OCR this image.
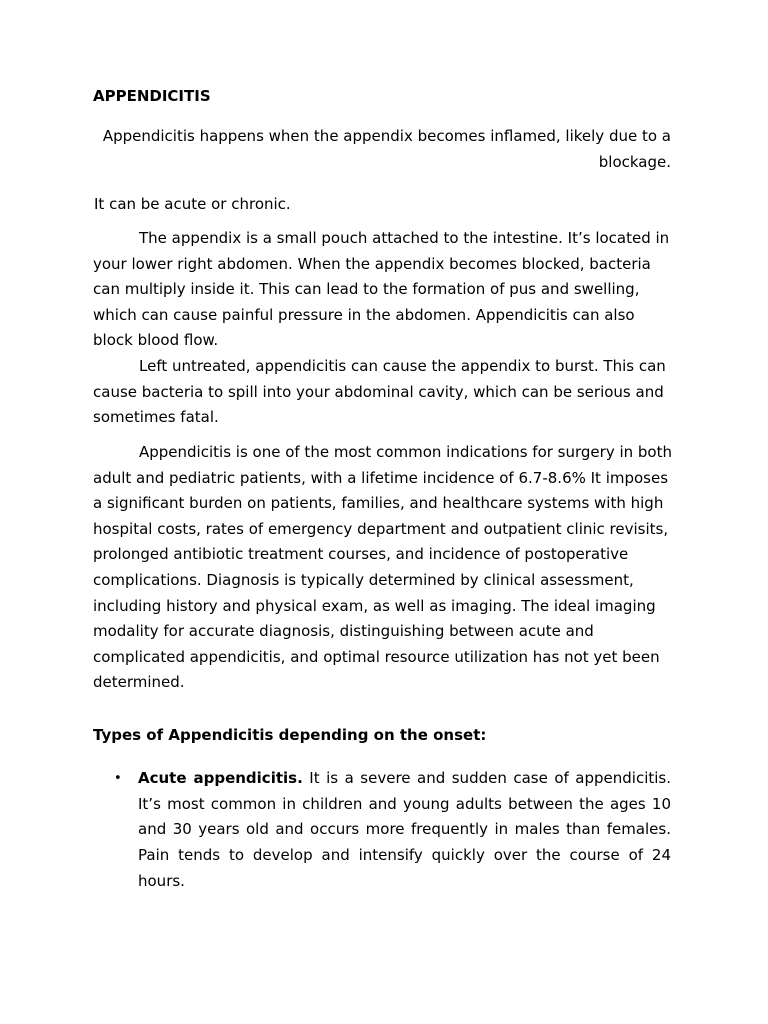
APPENDICITIS

Appendicitis happens when the appendix becomes inflamed, likely due to a blockage.

It can be acute or chronic.

The appendix is a small pouch attached to the intestine. It’s located in your lower right abdomen. When the appendix becomes blocked, bacteria can multiply inside it. This can lead to the formation of pus and swelling, which can cause painful pressure in the abdomen. Appendicitis can also block blood flow.

Left untreated, appendicitis can cause the appendix to burst. This can cause bacteria to spill into your abdominal cavity, which can be serious and sometimes fatal.

Appendicitis is one of the most common indications for surgery in both adult and pediatric patients, with a lifetime incidence of 6.7-8.6% It imposes a significant burden on patients, families, and healthcare systems with high hospital costs, rates of emergency department and outpatient clinic revisits, prolonged antibiotic treatment courses, and incidence of postoperative complications. Diagnosis is typically determined by clinical assessment, including history and physical exam, as well as imaging. The ideal imaging modality for accurate diagnosis, distinguishing between acute and complicated appendicitis, and optimal resource utilization has not yet been determined.

Types of Appendicitis depending on the onset:

• Acute appendicitis. It is a severe and sudden case of appendicitis. It’s most common in children and young adults between the ages 10 and 30 years old and occurs more frequently in males than females. Pain tends to develop and intensify quickly over the course of 24 hours.
